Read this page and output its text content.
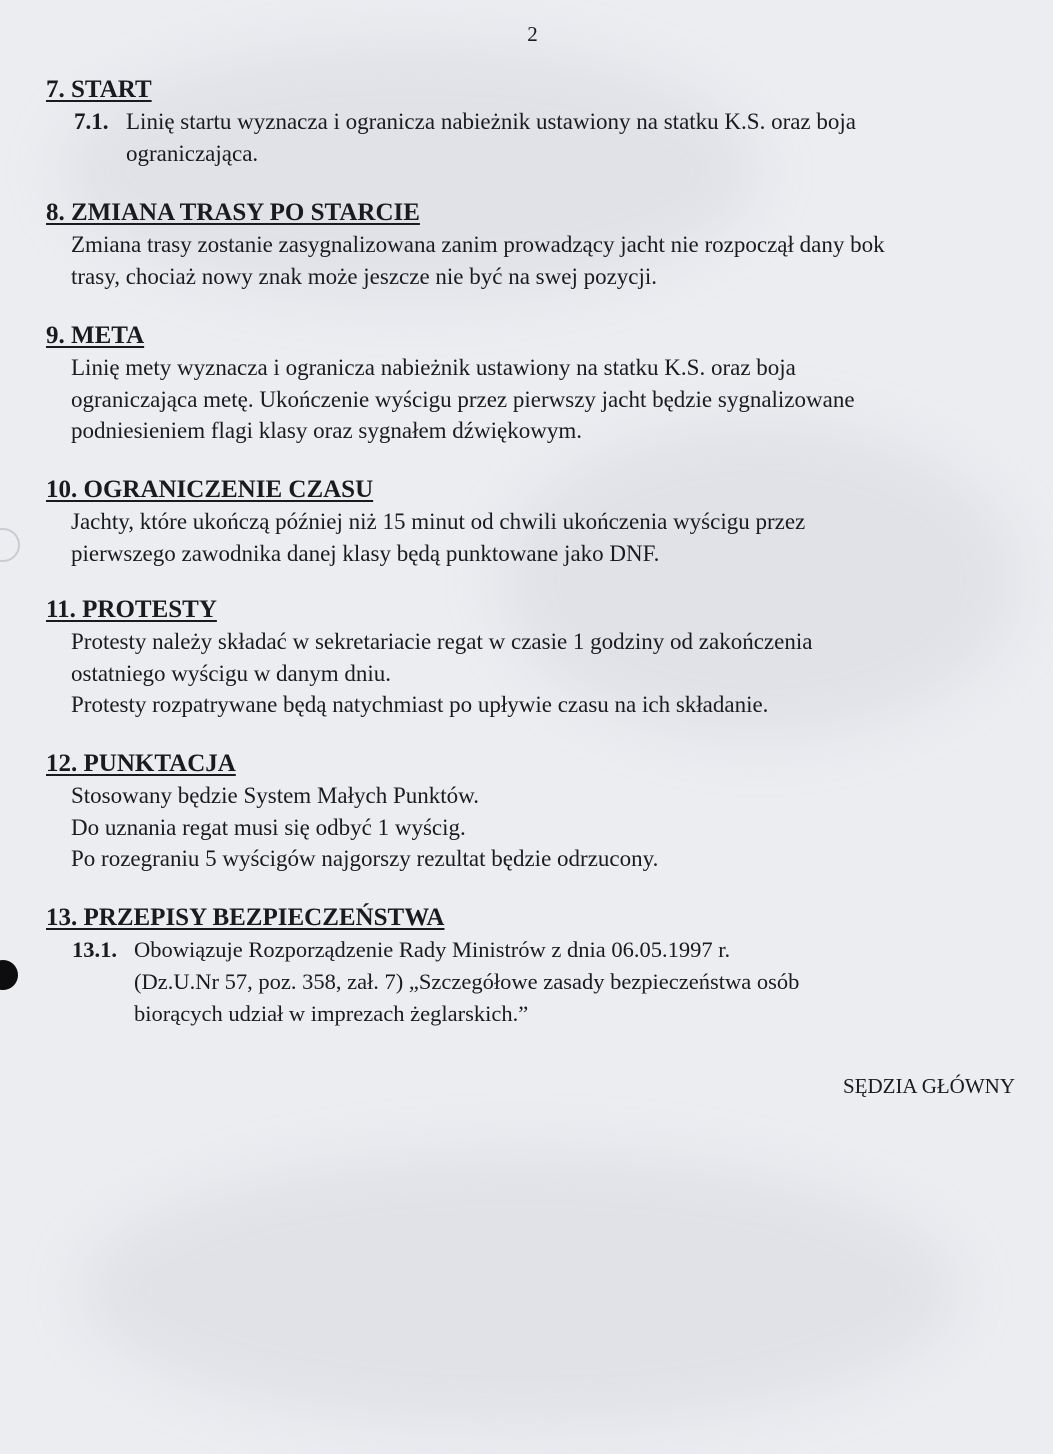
2
7. START
7.1. Linię startu wyznacza i ogranicza nabieżnik ustawiony na statku K.S. oraz boja
ograniczająca.
8. ZMIANA TRASY PO STARCIE
Zmiana trasy zostanie zasygnalizowana zanim prowadzący jacht nie rozpoczął dany bok
trasy, chociaż nowy znak może jeszcze nie być na swej pozycji.
9. META
Linię mety wyznacza i ogranicza nabieżnik ustawiony na statku K.S. oraz boja
ograniczająca metę. Ukończenie wyścigu przez pierwszy jacht będzie sygnalizowane
podniesieniem flagi klasy oraz sygnałem dźwiękowym.
10. OGRANICZENIE CZASU
Jachty, które ukończą później niż 15 minut od chwili ukończenia wyścigu przez
pierwszego zawodnika danej klasy będą punktowane jako DNF.
11. PROTESTY
Protesty należy składać w sekretariacie regat w czasie 1 godziny od zakończenia
ostatniego wyścigu w danym dniu.
Protesty rozpatrywane będą natychmiast po upływie czasu na ich składanie.
12. PUNKTACJA
Stosowany będzie System Małych Punktów.
Do uznania regat musi się odbyć 1 wyścig.
Po rozegraniu 5 wyścigów najgorszy rezultat będzie odrzucony.
13. PRZEPISY BEZPIECZEŃSTWA
13.1. Obowiązuje Rozporządzenie Rady Ministrów z dnia 06.05.1997 r.
(Dz.U.Nr 57, poz. 358, zał. 7) „Szczegółowe zasady bezpieczeństwa osób
biorących udział w imprezach żeglarskich.”
SĘDZIA GŁÓWNY
